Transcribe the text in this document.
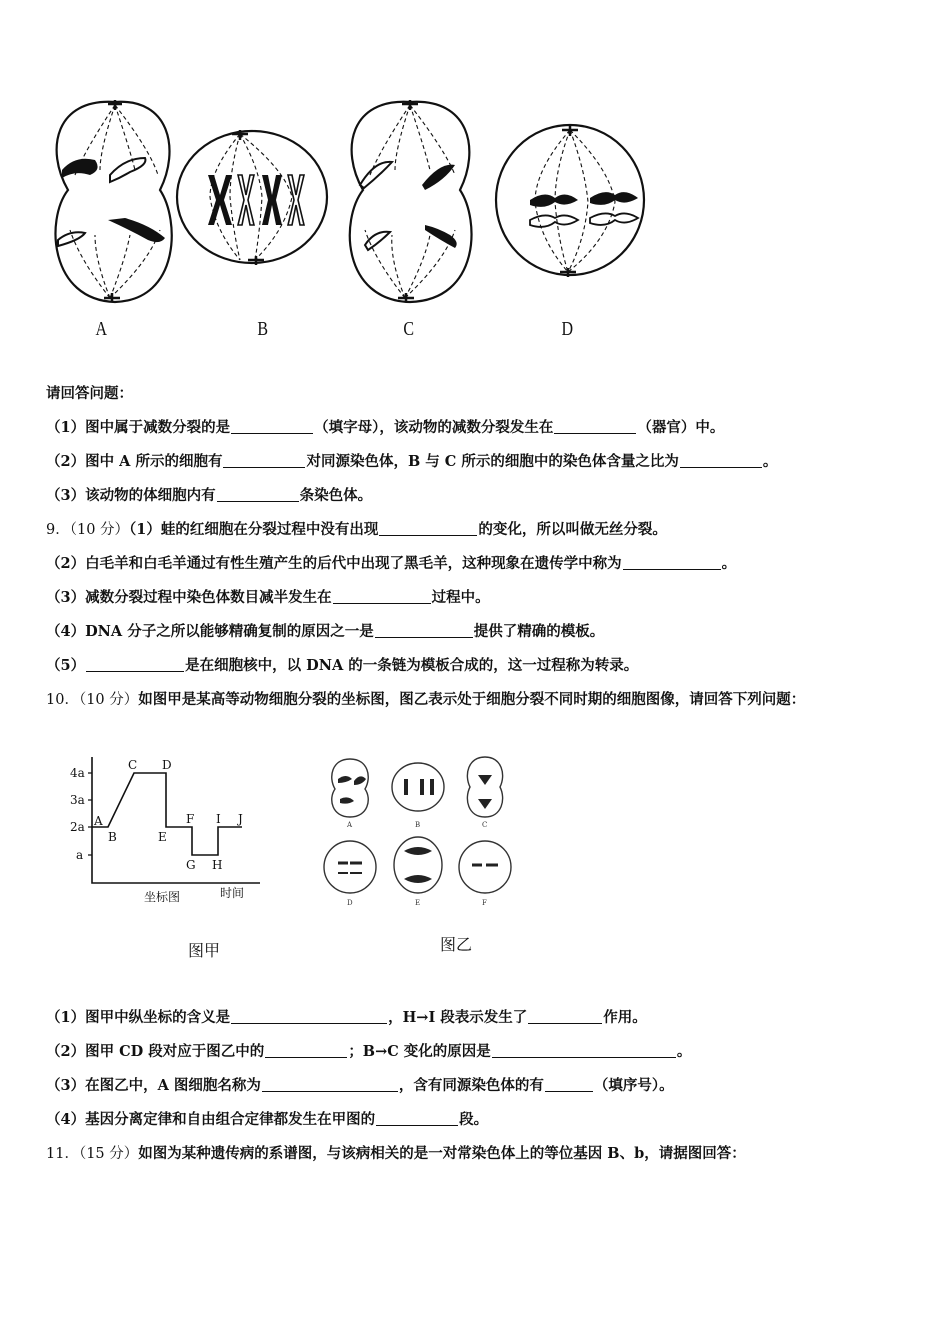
A	B	C	D
请回答问题：
（1）图中属于减数分裂的是	（填字母），该动物的减数分裂发生在	（器官）中。
（2）图中 A 所示的细胞有	对同源染色体，B 与 C 所示的细胞中的染色体含量之比为	。
（3）该动物的体细胞内有	条染色体。
9．（10 分）（1）蛙的红细胞在分裂过程中没有出现	的变化，所以叫做无丝分裂。
（2）白毛羊和白毛羊通过有性生殖产生的后代中出现了黑毛羊，这种现象在遗传学中称为	。
（3）减数分裂过程中染色体数目减半发生在	过程中。
（4）DNA 分子之所以能够精确复制的原因之一是	提供了精确的模板。
（5）	是在细胞核中，以 DNA 的一条链为模板合成的，这一过程称为转录。
10．（10 分）如图甲是某高等动物细胞分裂的坐标图，图乙表示处于细胞分裂不同时期的细胞图像，请回答下列问题：
4a
3a
2a
a
A
B
C D
E
F
G H
I J
时间
坐标图
图甲
A	B	C
D	E	F
图乙
（1）图甲中纵坐标的含义是	，H→I 段表示发生了	作用。
（2）图甲 CD 段对应于图乙中的	；B→C 变化的原因是	。
（3）在图乙中，A 图细胞名称为	，含有同源染色体的有	（填序号）。
（4）基因分离定律和自由组合定律都发生在甲图的	段。
11．（15 分）如图为某种遗传病的系谱图，与该病相关的是一对常染色体上的等位基因 B、b，请据图回答：
